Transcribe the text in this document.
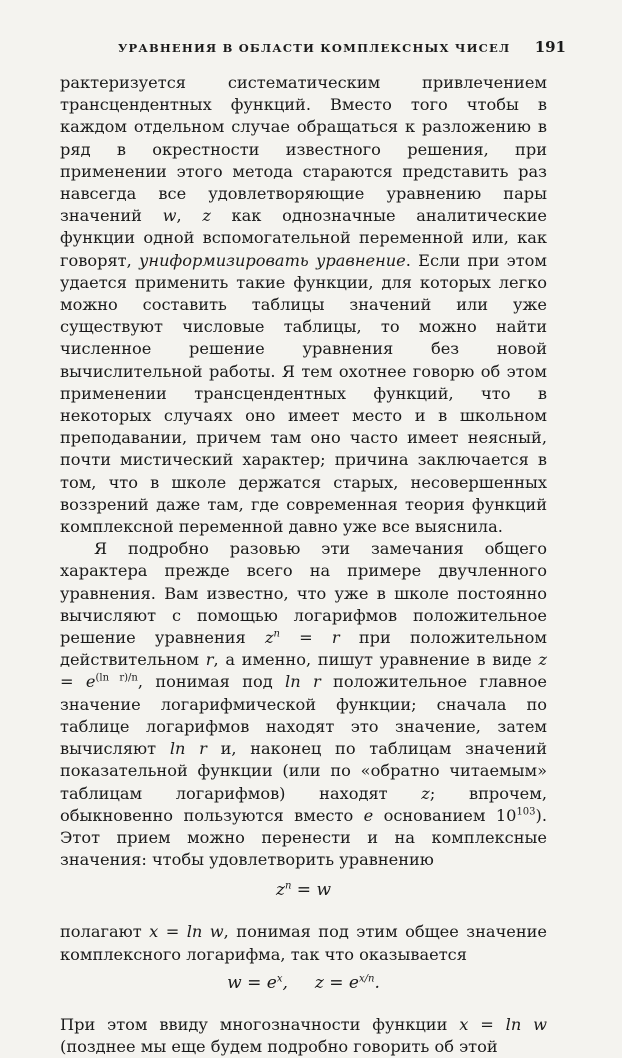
УРАВНЕНИЯ В ОБЛАСТИ КОМПЛЕКСНЫХ ЧИСЕЛ 191

рактеризуется систематическим привлечением трансцендентных функций. Вместо того чтобы в каждом отдельном случае обращаться к разложению в ряд в окрестности известного решения, при применении этого метода стараются представить раз навсегда все удовлетворяющие уравнению пары значений w, z как однозначные аналитические функции одной вспомогательной переменной или, как говорят, униформизировать уравнение. Если при этом удается применить такие функции, для которых легко можно составить таблицы значений или уже существуют числовые таблицы, то можно найти численное решение уравнения без новой вычислительной работы. Я тем охотнее говорю об этом применении трансцендентных функций, что в некоторых случаях оно имеет место и в школьном преподавании, причем там оно часто имеет неясный, почти мистический характер; причина заключается в том, что в школе держатся старых, несовершенных воззрений даже там, где современная теория функций комплексной переменной давно уже все выяснила.

Я подробно разовью эти замечания общего характера прежде всего на примере двучленного уравнения. Вам известно, что уже в школе постоянно вычисляют с помощью логарифмов положительное решение уравнения $z^n = r$ при положительном действительном r, а именно, пишут уравнение в виде $z = e^{(ln r)/n}$, понимая под ln r положительное главное значение логарифмической функции; сначала по таблице логарифмов находят это значение, затем вычисляют ln r и, наконец по таблицам значений показательной функции (или по «обратно читаемым» таблицам логарифмов) находят z; впрочем, обыкновенно пользуются вместо e основанием $10^{103}$). Этот прием можно перенести и на комплексные значения: чтобы удовлетворить уравнению

$z^n = w$

полагают x = ln w, понимая под этим общее значение комплексного логарифма, так что оказывается

$w = e^x$,     $z = e^{x/n}$.

При этом ввиду многозначности функции x = ln w (позднее мы еще будем подробно говорить об этой
